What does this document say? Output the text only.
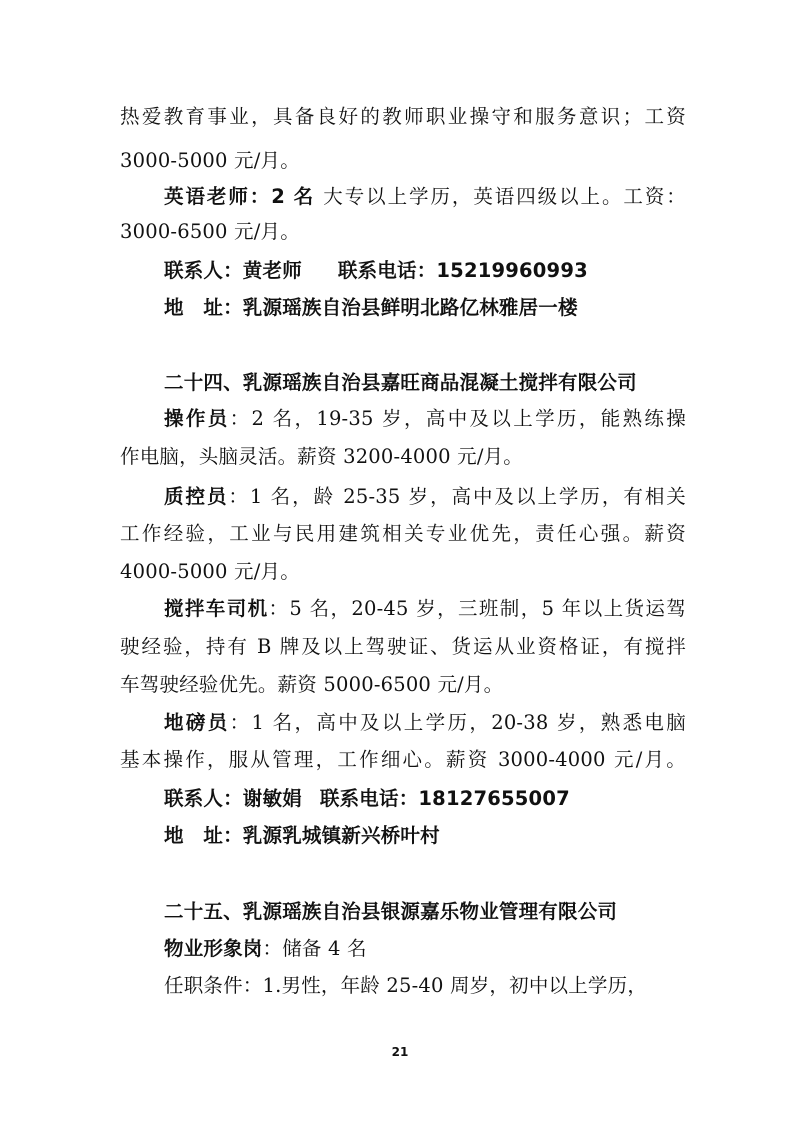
热爱教育事业，具备良好的教师职业操守和服务意识；工资
3000-5000 元/月。
英语老师：2 名 大专以上学历，英语四级以上。工资：
3000-6500 元/月。
联系人：黄老师 联系电话：15219960993
地　址：乳源瑶族自治县鲜明北路亿林雅居一楼
二十四、乳源瑶族自治县嘉旺商品混凝土搅拌有限公司
操作员：2 名，19-35 岁，高中及以上学历，能熟练操
作电脑，头脑灵活。薪资 3200-4000 元/月。
质控员：1 名，龄 25-35 岁，高中及以上学历，有相关
工作经验，工业与民用建筑相关专业优先，责任心强。薪资
4000-5000 元/月。
搅拌车司机：5 名，20-45 岁，三班制，5 年以上货运驾
驶经验，持有 B 牌及以上驾驶证、货运从业资格证，有搅拌
车驾驶经验优先。薪资 5000-6500 元/月。
地磅员：1 名，高中及以上学历，20-38 岁，熟悉电脑
基本操作，服从管理，工作细心。薪资 3000-4000 元/月。
联系人：谢敏娟 联系电话：18127655007
地　址：乳源乳城镇新兴桥叶村
二十五、乳源瑶族自治县银源嘉乐物业管理有限公司
物业形象岗：储备 4 名
任职条件：1.男性，年龄 25-40 周岁，初中以上学历，
21
